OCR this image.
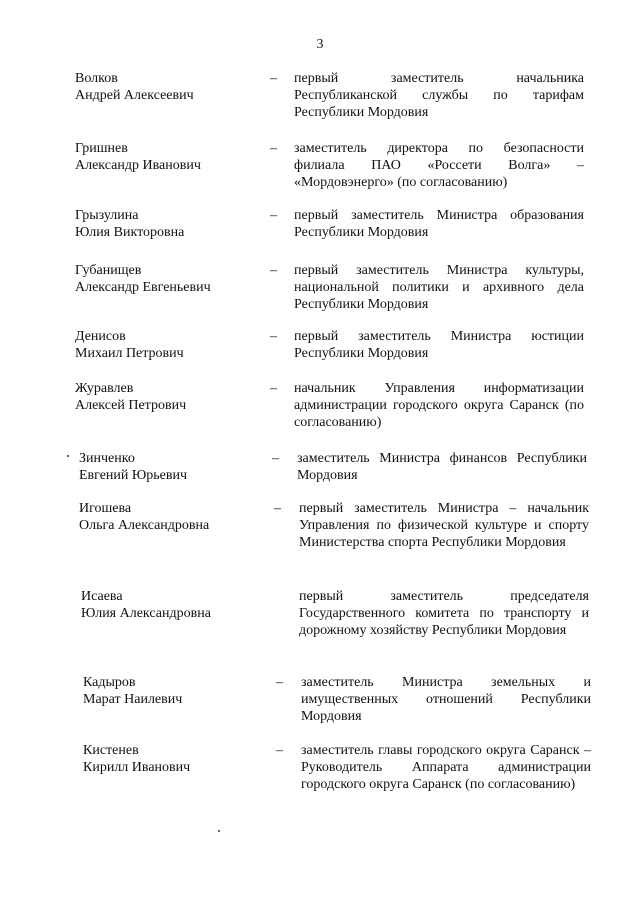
3
Волков
Андрей Алексеевич
– первый заместитель начальника Республиканской службы по тарифам Республики Мордовия
Гришнев
Александр Иванович
– заместитель директора по безопасности филиала ПАО «Россети Волга» – «Мордовэнерго» (по согласованию)
Грызулина
Юлия Викторовна
– первый заместитель Министра образования Республики Мордовия
Губанищев
Александр Евгеньевич
– первый заместитель Министра культуры, национальной политики и архивного дела Республики Мордовия
Денисов
Михаил Петрович
– первый заместитель Министра юстиции Республики Мордовия
Журавлев
Алексей Петрович
– начальник Управления информатизации администрации городского округа Саранск (по согласованию)
Зинченко
Евгений Юрьевич
– заместитель Министра финансов Республики Мордовия
Игошева
Ольга Александровна
– первый заместитель Министра – начальник Управления по физической культуре и спорту Министерства спорта Республики Мордовия
Исаева
Юлия Александровна
первый заместитель председателя Государственного комитета по транспорту и дорожному хозяйству Республики Мордовия
Кадыров
Марат Наилевич
– заместитель Министра земельных и имущественных отношений Республики Мордовия
Кистенев
Кирилл Иванович
– заместитель главы городского округа Саранск – Руководитель Аппарата администрации городского округа Саранск (по согласованию)
